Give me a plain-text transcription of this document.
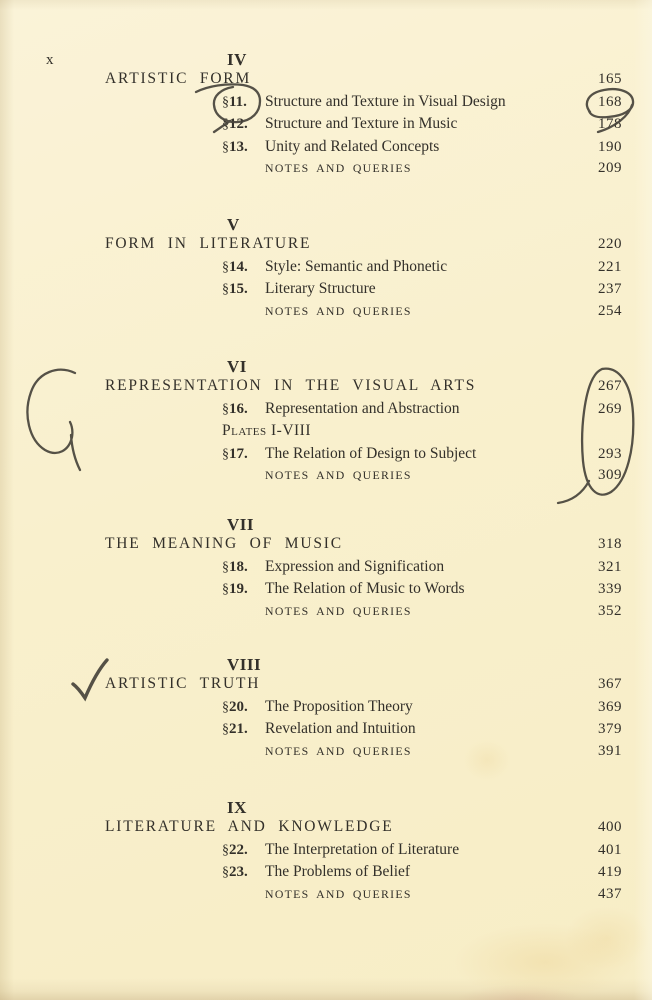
x	IV
ARTISTIC FORM	165
§11.	Structure and Texture in Visual Design	168
§12.	Structure and Texture in Music	178
§13.	Unity and Related Concepts	190
NOTES AND QUERIES	209
V
FORM IN LITERATURE	220
§14.	Style: Semantic and Phonetic	221
§15.	Literary Structure	237
NOTES AND QUERIES	254
VI
REPRESENTATION IN THE VISUAL ARTS	267
§16.	Representation and Abstraction	269
Plates I-VIII
§17.	The Relation of Design to Subject	293
NOTES AND QUERIES	309
VII
THE MEANING OF MUSIC	318
§18.	Expression and Signification	321
§19.	The Relation of Music to Words	339
NOTES AND QUERIES	352
VIII
ARTISTIC TRUTH	367
§20.	The Proposition Theory	369
§21.	Revelation and Intuition	379
NOTES AND QUERIES	391
IX
LITERATURE AND KNOWLEDGE	400
§22.	The Interpretation of Literature	401
§23.	The Problems of Belief	419
NOTES AND QUERIES	437
